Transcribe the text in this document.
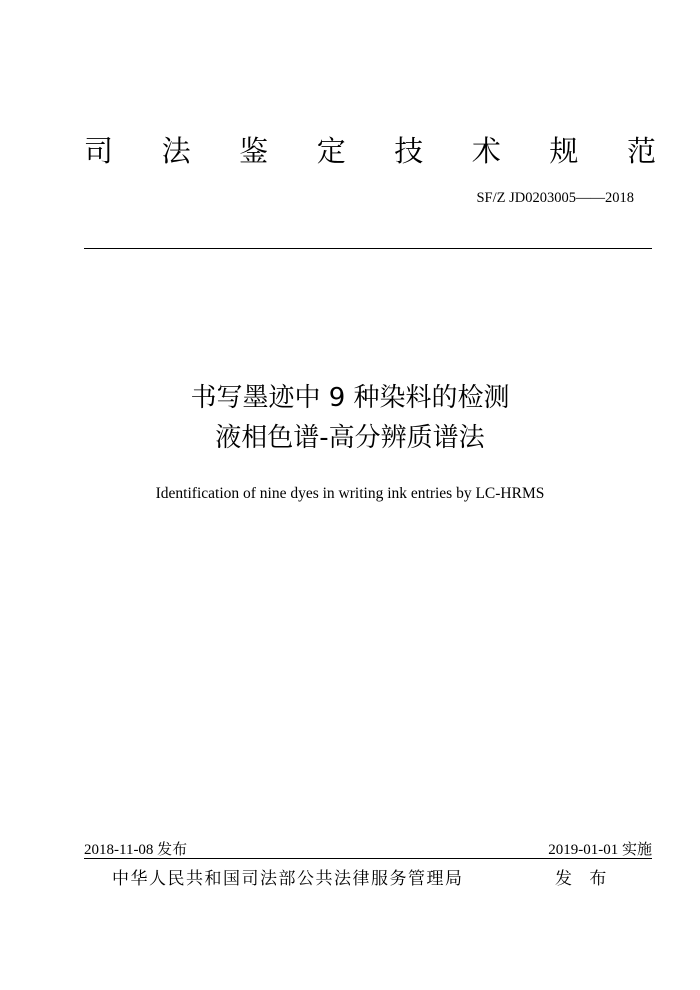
司 法 鉴 定 技 术 规 范
SF/Z JD0203005——2018
书写墨迹中 9 种染料的检测
液相色谱-高分辨质谱法
Identification of nine dyes in writing ink entries by LC-HRMS
2018-11-08 发布	2019-01-01 实施
中华人民共和国司法部公共法律服务管理局	发 布
